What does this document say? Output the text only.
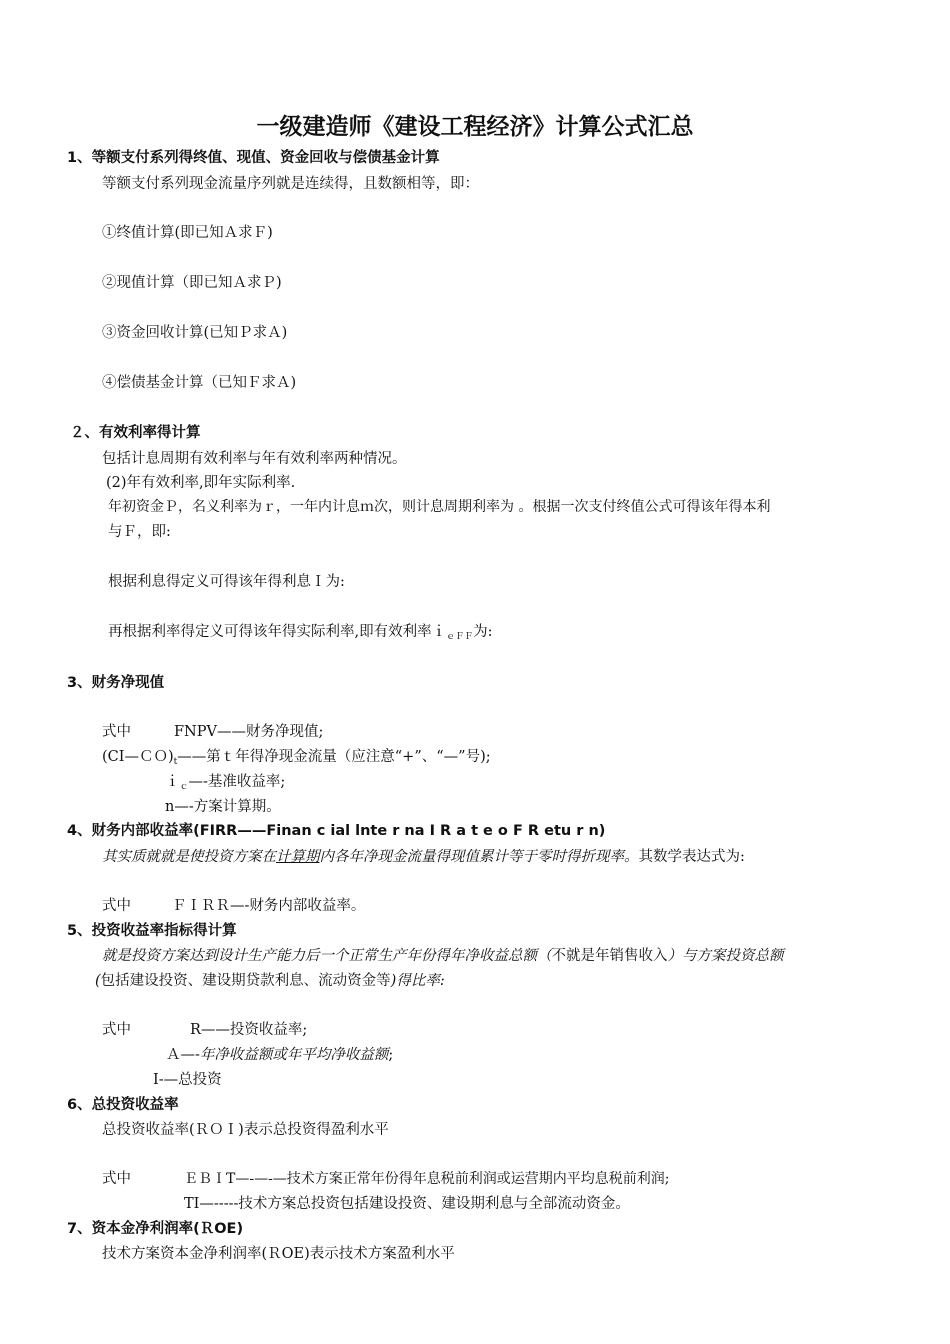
一级建造师《建设工程经济》计算公式汇总
1、等额支付系列得终值、现值、资金回收与偿债基金计算
等额支付系列现金流量序列就是连续得，且数额相等，即：
①终值计算(即已知Ａ求Ｆ)
②现值计算（即已知Ａ求Ｐ)
③资金回收计算(已知Ｐ求Ａ)
④偿债基金计算（已知Ｆ求Ａ)
２、有效利率得计算
包括计息周期有效利率与年有效利率两种情况。
(2)年有效利率,即年实际利率.
年初资金Ｐ，名义利率为ｒ，一年内计息ｍ次，则计息周期利率为 。根据一次支付终值公式可得该年得本利
与Ｆ，即:
根据利息得定义可得该年得利息Ｉ为:
再根据利率得定义可得该年得实际利率,即有效利率ｉ$_{eFF}$为:
3、财务净现值
式中	FNPV——财务净现值;
$(CI—CO)_t——$第ｔ年得净现金流量（应注意“+”、“—”号);
ｉ$_c$—-基准收益率;
n—-方案计算期。
4、财务内部收益率(FIRR——Finan c ial lnte r na I R a t e o F R etu r n)
其实质就就是使投资方案在计算期内各年净现金流量得现值累计等于零时得折现率。其数学表达式为:
式中	ＦＩＲＲ—-财务内部收益率。
5、投资收益率指标得计算
就是投资方案达到设计生产能力后一个正常生产年份得年净收益总额（不就是年销售收入）与方案投资总额
(包括建设投资、建设期贷款利息、流动资金等)得比率:
式中	R——投资收益率;
Ａ—-年净收益额或年平均净收益额;
I-—总投资
6、总投资收益率
总投资收益率(ＲＯＩ)表示总投资得盈利水平
式中	ＥＢＩT—-—-—技术方案正常年份得年息税前利润或运营期内平均息税前利润;
TI—-----技术方案总投资包括建设投资、建设期利息与全部流动资金。
7、资本金净利润率(ＲOE)
技术方案资本金净利润率(ＲOE)表示技术方案盈利水平
